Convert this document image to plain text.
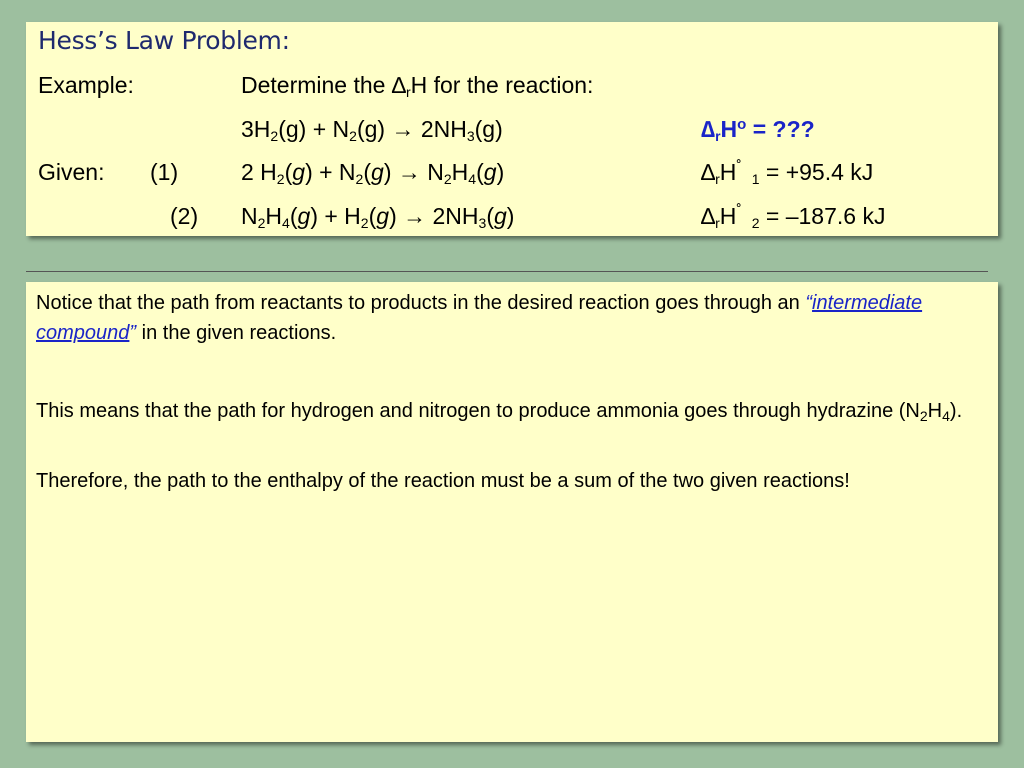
Hess’s Law Problem:
Example:	Determine the $\Delta_rH$ for the reaction:
$3H_2(g) + N_2(g) \to 2NH_3(g)$	$\Delta_rH^o$ = ???
Given: (1)	2 $H_2(g) + N_2(g) \to N_2H_4(g)$	$\Delta_rH^˚_1 = +95.4$ kJ
(2) $N_2H_4(g) + H_2(g) \to 2NH_3(g)$	$\Delta_rH^˚_2 = -187.6$ kJ
Notice that the path from reactants to products in the desired reaction goes through an “intermediate compound” in the given reactions.
This means that the path for hydrogen and nitrogen to produce ammonia goes through hydrazine $(N_2H_4)$.
Therefore, the path to the enthalpy of the reaction must be a sum of the two given reactions!
